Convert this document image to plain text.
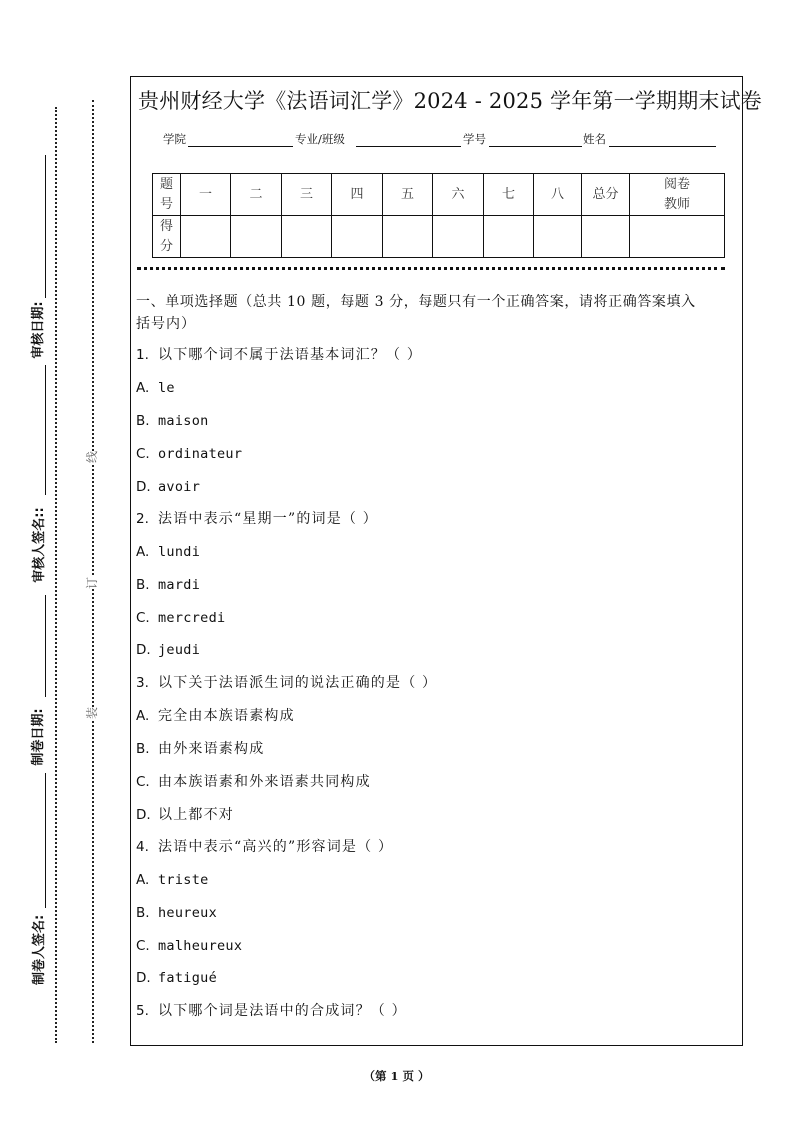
审核日期:
审核人签名::
制卷日期:
制卷人签名:
线
订
装
贵州财经大学《法语词汇学》2024 - 2025 学年第一学期期末试卷
学院	专业/班级	学号	姓名
题号	一	二	三	四	五	六	七	八	总分	阅卷
教师

得分										
一、单项选择题（总共 10 题，每题 3 分，每题只有一个正确答案，请将正确答案填入
括号内）
1. 以下哪个词不属于法语基本词汇？（ ）
A. le
B. maison
C. ordinateur
D. avoir
2. 法语中表示“星期一”的词是（ ）
A. lundi
B. mardi
C. mercredi
D. jeudi
3. 以下关于法语派生词的说法正确的是（ ）
A. 完全由本族语素构成
B. 由外来语素构成
C. 由本族语素和外来语素共同构成
D. 以上都不对
4. 法语中表示“高兴的”形容词是（ ）
A. triste
B. heureux
C. malheureux
D. fatigué
5. 以下哪个词是法语中的合成词？（ ）
（第 1 页 ）
